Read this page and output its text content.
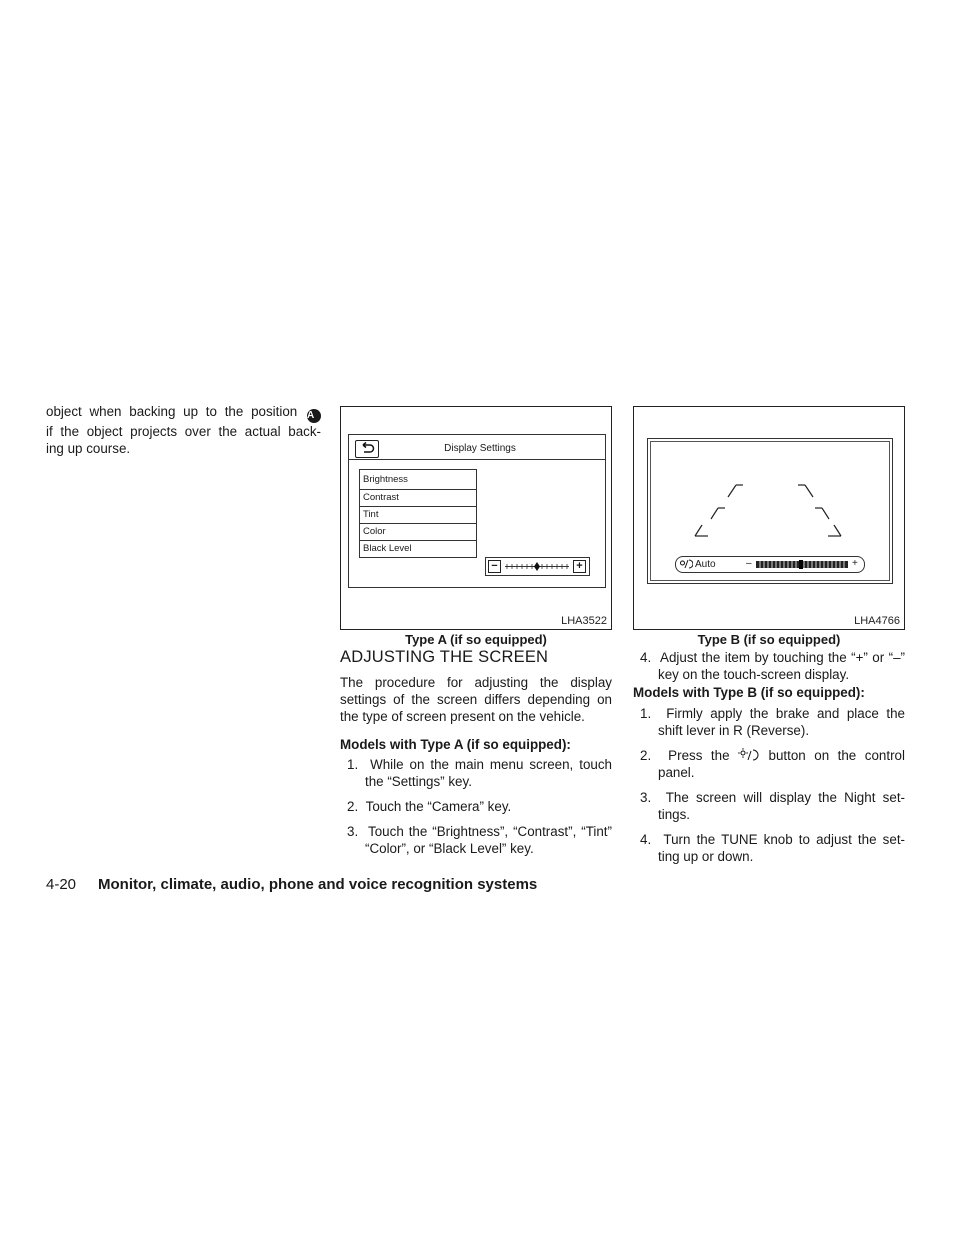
object when backing up to the position A
if the object projects over the actual back-
ing up course.	Display Settings
Brightness
Contrast
Tint
Color
Black Level
−	+
LHA3522
Type A (if so equipped)
Auto	–	+
LHA4766
Type B (if so equipped)
ADJUSTING THE SCREEN
The procedure for adjusting the display
settings of the screen differs depending on
the type of screen present on the vehicle.
Models with Type A (if so equipped):
1. While on the main menu screen, touch
the “Settings” key.
2. Touch the “Camera” key.
3. Touch the “Brightness”, “Contrast”, “Tint”
“Color”, or “Black Level” key.
4. Adjust the item by touching the “+” or “–”
key on the touch-screen display.
Models with Type B (if so equipped):
1. Firmly apply the brake and place the
shift lever in R (Reverse).
2. Press the	button on the control
panel.
3. The screen will display the Night set-
tings.
4. Turn the TUNE knob to adjust the set-
ting up or down.
4-20 Monitor, climate, audio, phone and voice recognition systems
